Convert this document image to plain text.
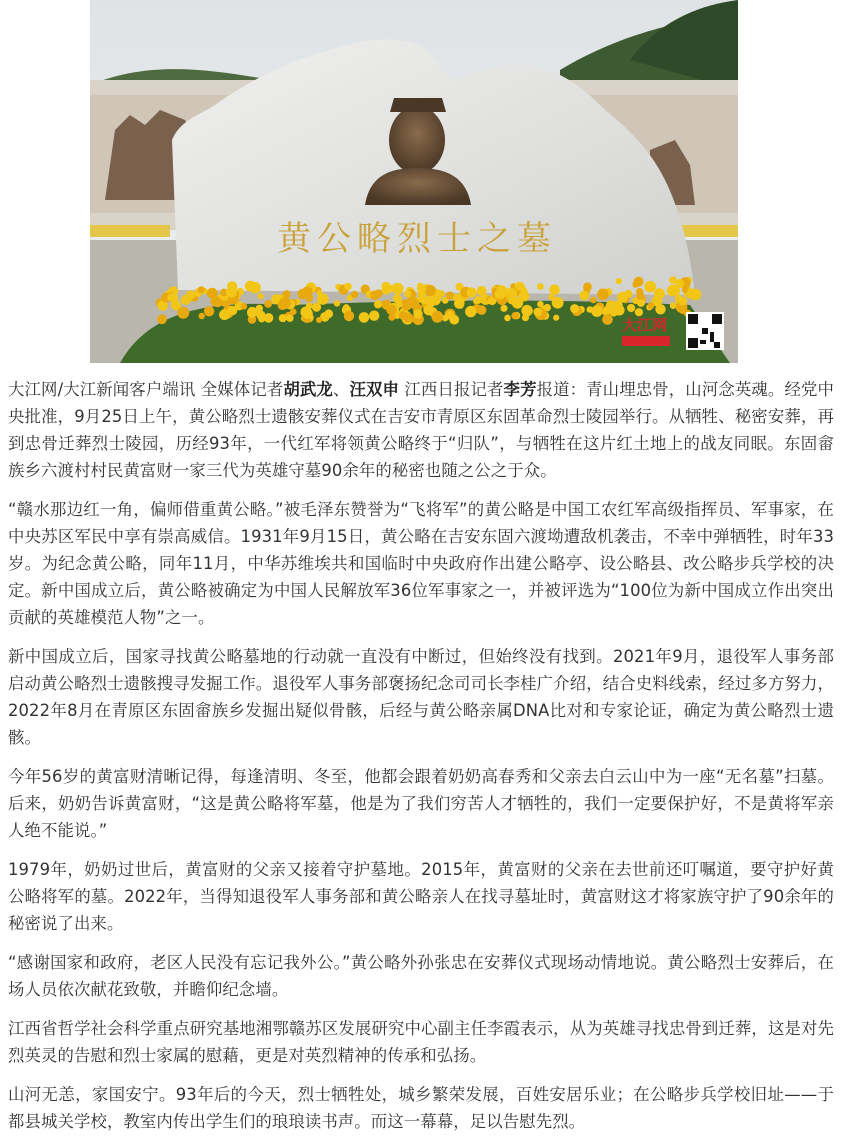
黄公略烈士之墓
大江网

大江网/大江新闻客户端讯 全媒体记者胡武龙、汪双申 江西日报记者李芳报道：青山埋忠骨，山河念英魂。经党中央批准，9月25日上午，黄公略烈士遗骸安葬仪式在吉安市青原区东固革命烈士陵园举行。从牺牲、秘密安葬，再到忠骨迁葬烈士陵园，历经93年，一代红军将领黄公略终于“归队”，与牺牲在这片红土地上的战友同眠。东固畲族乡六渡村村民黄富财一家三代为英雄守墓90余年的秘密也随之公之于众。

“赣水那边红一角，偏师借重黄公略。”被毛泽东赞誉为“飞将军”的黄公略是中国工农红军高级指挥员、军事家，在中央苏区军民中享有崇高威信。1931年9月15日，黄公略在吉安东固六渡坳遭敌机袭击，不幸中弹牺牲，时年33岁。为纪念黄公略，同年11月，中华苏维埃共和国临时中央政府作出建公略亭、设公略县、改公略步兵学校的决定。新中国成立后，黄公略被确定为中国人民解放军36位军事家之一，并被评选为“100位为新中国成立作出突出贡献的英雄模范人物”之一。

新中国成立后，国家寻找黄公略墓地的行动就一直没有中断过，但始终没有找到。2021年9月，退役军人事务部启动黄公略烈士遗骸搜寻发掘工作。退役军人事务部褒扬纪念司司长李桂广介绍，结合史料线索，经过多方努力，2022年8月在青原区东固畲族乡发掘出疑似骨骸，后经与黄公略亲属DNA比对和专家论证，确定为黄公略烈士遗骸。

今年56岁的黄富财清晰记得，每逢清明、冬至，他都会跟着奶奶高春秀和父亲去白云山中为一座“无名墓”扫墓。后来，奶奶告诉黄富财，“这是黄公略将军墓，他是为了我们穷苦人才牺牲的，我们一定要保护好，不是黄将军亲人绝不能说。”

1979年，奶奶过世后，黄富财的父亲又接着守护墓地。2015年，黄富财的父亲在去世前还叮嘱道，要守护好黄公略将军的墓。2022年，当得知退役军人事务部和黄公略亲人在找寻墓址时，黄富财这才将家族守护了90余年的秘密说了出来。

“感谢国家和政府，老区人民没有忘记我外公。”黄公略外孙张忠在安葬仪式现场动情地说。黄公略烈士安葬后，在场人员依次献花致敬，并瞻仰纪念墙。

江西省哲学社会科学重点研究基地湘鄂赣苏区发展研究中心副主任李霞表示，从为英雄寻找忠骨到迁葬，这是对先烈英灵的告慰和烈士家属的慰藉，更是对英烈精神的传承和弘扬。

山河无恙，家国安宁。93年后的今天，烈士牺牲处，城乡繁荣发展，百姓安居乐业；在公略步兵学校旧址——于都县城关学校，教室内传出学生们的琅琅读书声。而这一幕幕，足以告慰先烈。
